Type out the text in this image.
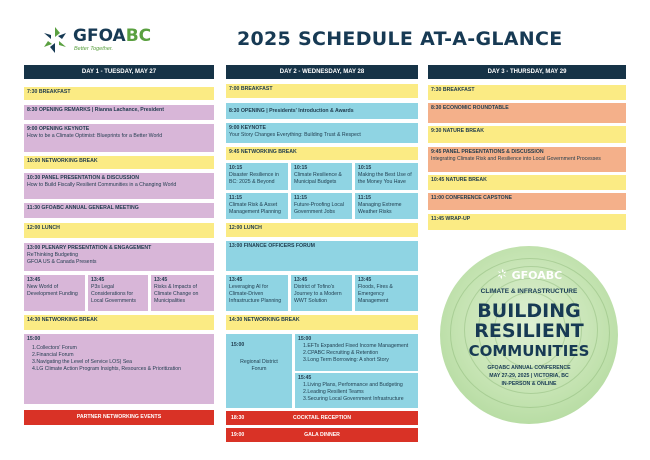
GFOABC
Better Together.	2025 SCHEDULE AT-A-GLANCE
DAY 1 - TUESDAY, MAY 27
7:30 BREAKFAST
8:30 OPENING REMARKS | Rianna Lachance, President
9:00 OPENING KEYNOTE
How to be a Climate Optimist: Blueprints for a Better World
10:00 NETWORKING BREAK
10:30 PANEL PRESENTATION & DISCUSSION
How to Build Fiscally Resilient Communities in a Changing World
11:30 GFOABC ANNUAL GENERAL MEETING
12:00 LUNCH
13:00 PLENARY PRESENTATION & ENGAGEMENT
ReThinking Budgeting
GFOA US & Canada Presents
13:45
New World of Development Funding
13:45
P3s Legal Considerations for Local Governments
13:45
Risks & Impacts of Climate Change on Municipalities
14:30 NETWORKING BREAK
15:00
1.Collectors' Forum
2.Financial Forum
3.Navigating the Level of Service LOS) Sea
4.LG Climate Action Program Insights, Resources & Prioritization
PARTNER NETWORKING EVENTS
DAY 2 - WEDNESDAY, MAY 28
7:00 BREAKFAST
8:30 OPENING | Presidents' Introduction & Awards
9:00 KEYNOTE
Your Story Changes Everything: Building Trust & Respect
9:45 NETWORKING BREAK
10:15
Disaster Resilience in BC: 2025 & Beyond
10:15
Climate Resilience & Municipal Budgets
10:15
Making the Best Use of the Money You Have
11:15
Climate Risk & Asset Management Planning
11:15
Future-Proofing Local Government Jobs
11:15
Managing Extreme Weather Risks
12:00 LUNCH
13:00 FINANCE OFFICERS FORUM
13:45
Leveraging AI for Climate-Driven Infrastructure Planning
13:45
District of Tofino's Journey to a Modern WWT Solution
13:45
Floods, Fires & Emergency Management
14:30 NETWORKING BREAK
15:00
Regional District Forum
15:00
1.EFTs Expanded Fixed Income Management
2.CPABC Recruiting & Retention
3.Long Term Borrowing: A short Story
15:45
1.Living Plans, Performance and Budgeting
2.Leading Resilient Teams
3.Securing Local Government Infrastructure
18:30	COCKTAIL RECEPTION
19:00	GALA DINNER
DAY 3 - THURSDAY, MAY 29
7:30 BREAKFAST
8:30 ECONOMIC ROUNDTABLE
9:30 NATURE BREAK
9:45 PANEL PRESENTATIONS & DISCUSSION
Integrating Climate Risk and Resilience into Local Government Processes
10:45 NATURE BREAK
11:00 CONFERENCE CAPSTONE
11:45 WRAP-UP
GFOABC
CLIMATE & INFRASTRUCTURE
BUILDING
RESILIENT
COMMUNITIES
GFOABC ANNUAL CONFERENCE
MAY 27-29, 2025 | VICTORIA, BC
IN-PERSON & ONLINE
